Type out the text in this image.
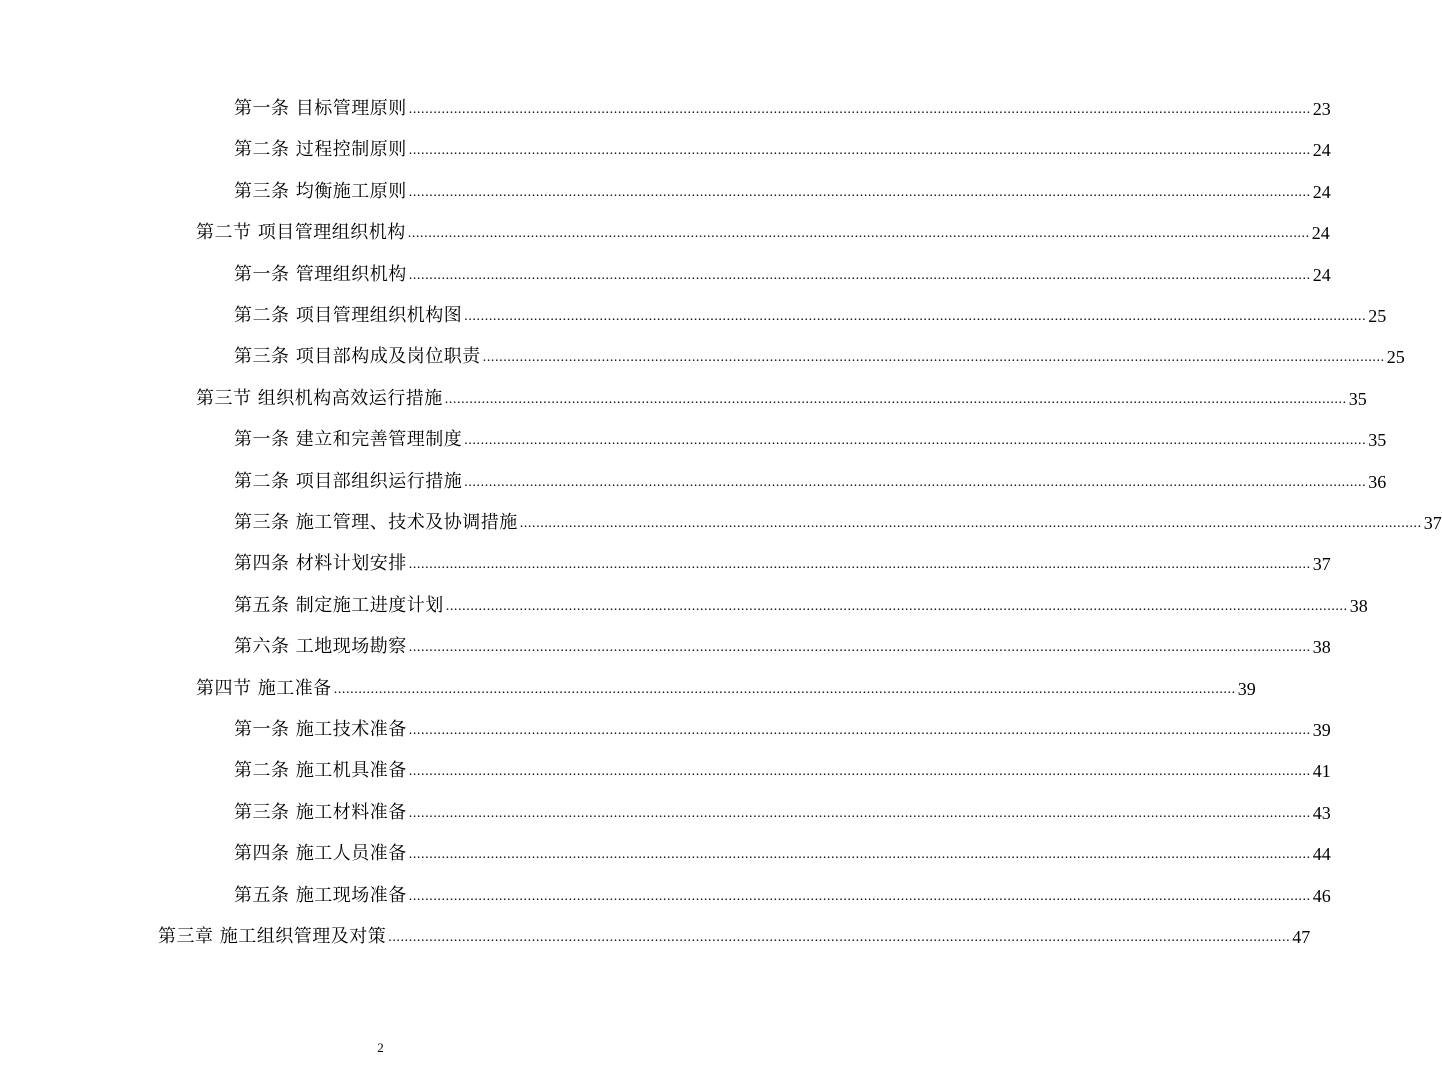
第一条 目标管理原则 ............................................................................................................................................................................................................................ 23
第二条 过程控制原则 ............................................................................................................................................................................................................................ 24
第三条 均衡施工原则 ............................................................................................................................................................................................................................ 24
第二节 项目管理组织机构 ............................................................................................................................................................................................................................ 24
第一条 管理组织机构 ............................................................................................................................................................................................................................ 24
第二条 项目管理组织机构图 ............................................................................................................................................................................................................................ 25
第三条 项目部构成及岗位职责 ............................................................................................................................................................................................................................ 25
第三节 组织机构高效运行措施 ............................................................................................................................................................................................................................ 35
第一条 建立和完善管理制度 ............................................................................................................................................................................................................................ 35
第二条 项目部组织运行措施 ............................................................................................................................................................................................................................ 36
第三条 施工管理、技术及协调措施 ............................................................................................................................................................................................................................ 37
第四条 材料计划安排 ............................................................................................................................................................................................................................ 37
第五条 制定施工进度计划 ............................................................................................................................................................................................................................ 38
第六条 工地现场勘察 ............................................................................................................................................................................................................................ 38
第四节 施工准备 ............................................................................................................................................................................................................................ 39
第一条 施工技术准备 ............................................................................................................................................................................................................................ 39
第二条 施工机具准备 ............................................................................................................................................................................................................................ 41
第三条 施工材料准备 ............................................................................................................................................................................................................................ 43
第四条 施工人员准备 ............................................................................................................................................................................................................................ 44
第五条 施工现场准备 ............................................................................................................................................................................................................................ 46
第三章 施工组织管理及对策 ............................................................................................................................................................................................................................ 47
2
